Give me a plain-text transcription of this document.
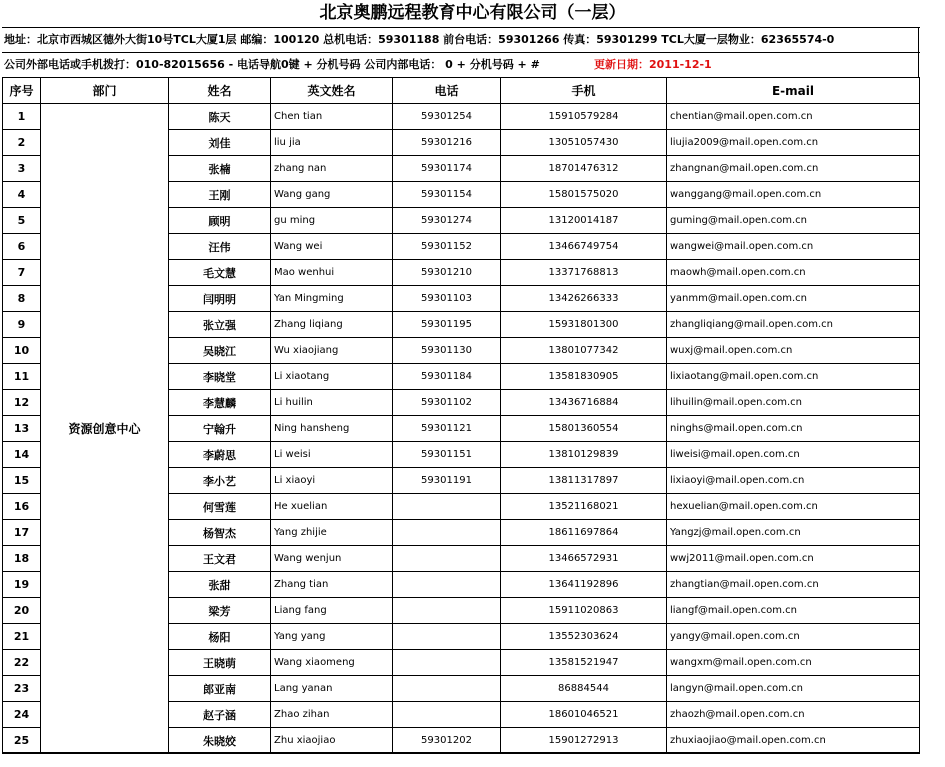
北京奥鹏远程教育中心有限公司（一层）
地址：北京市西城区德外大街10号TCL大厦1层 邮编：100120 总机电话：59301188 前台电话：59301266 传真：59301299 TCL大厦一层物业：62365574-0
公司外部电话或手机拨打：010-82015656 - 电话导航0键 + 分机号码 公司内部电话： 0 + 分机号码 + #	更新日期：2011-12-1
序号	部门	姓名	英文姓名	电话	手机	E-mail
1	资源创意中心	陈天	Chen tian	59301254	15910579284	chentian@mail.open.com.cn
2		刘佳	liu jia	59301216	13051057430	liujia2009@mail.open.com.cn
3		张楠	zhang nan	59301174	18701476312	zhangnan@mail.open.com.cn
4		王刚	Wang gang	59301154	15801575020	wanggang@mail.open.com.cn
5		顾明	gu ming	59301274	13120014187	guming@mail.open.com.cn
6		汪伟	Wang wei	59301152	13466749754	wangwei@mail.open.com.cn
7		毛文慧	Mao wenhui	59301210	13371768813	maowh@mail.open.com.cn
8		闫明明	Yan Mingming	59301103	13426266333	yanmm@mail.open.com.cn
9		张立强	Zhang liqiang	59301195	15931801300	zhangliqiang@mail.open.com.cn
10		吴晓江	Wu xiaojiang	59301130	13801077342	wuxj@mail.open.com.cn
11		李晓堂	Li xiaotang	59301184	13581830905	lixiaotang@mail.open.com.cn
12		李慧麟	Li huilin	59301102	13436716884	lihuilin@mail.open.com.cn
13		宁翰升	Ning hansheng	59301121	15801360554	ninghs@mail.open.com.cn
14		李蔚思	Li weisi	59301151	13810129839	liweisi@mail.open.com.cn
15		李小艺	Li xiaoyi	59301191	13811317897	lixiaoyi@mail.open.com.cn
16		何雪莲	He xuelian		13521168021	hexuelian@mail.open.com.cn
17		杨智杰	Yang zhijie		18611697864	Yangzj@mail.open.com.cn
18		王文君	Wang wenjun		13466572931	wwj2011@mail.open.com.cn
19		张甜	Zhang tian		13641192896	zhangtian@mail.open.com.cn
20		梁芳	Liang fang		15911020863	liangf@mail.open.com.cn
21		杨阳	Yang yang		13552303624	yangy@mail.open.com.cn
22		王晓萌	Wang xiaomeng		13581521947	wangxm@mail.open.com.cn
23		郎亚南	Lang yanan		86884544	langyn@mail.open.com.cn
24		赵子涵	Zhao zihan		18601046521	zhaozh@mail.open.com.cn
25		朱晓姣	Zhu xiaojiao	59301202	15901272913	zhuxiaojiao@mail.open.com.cn
